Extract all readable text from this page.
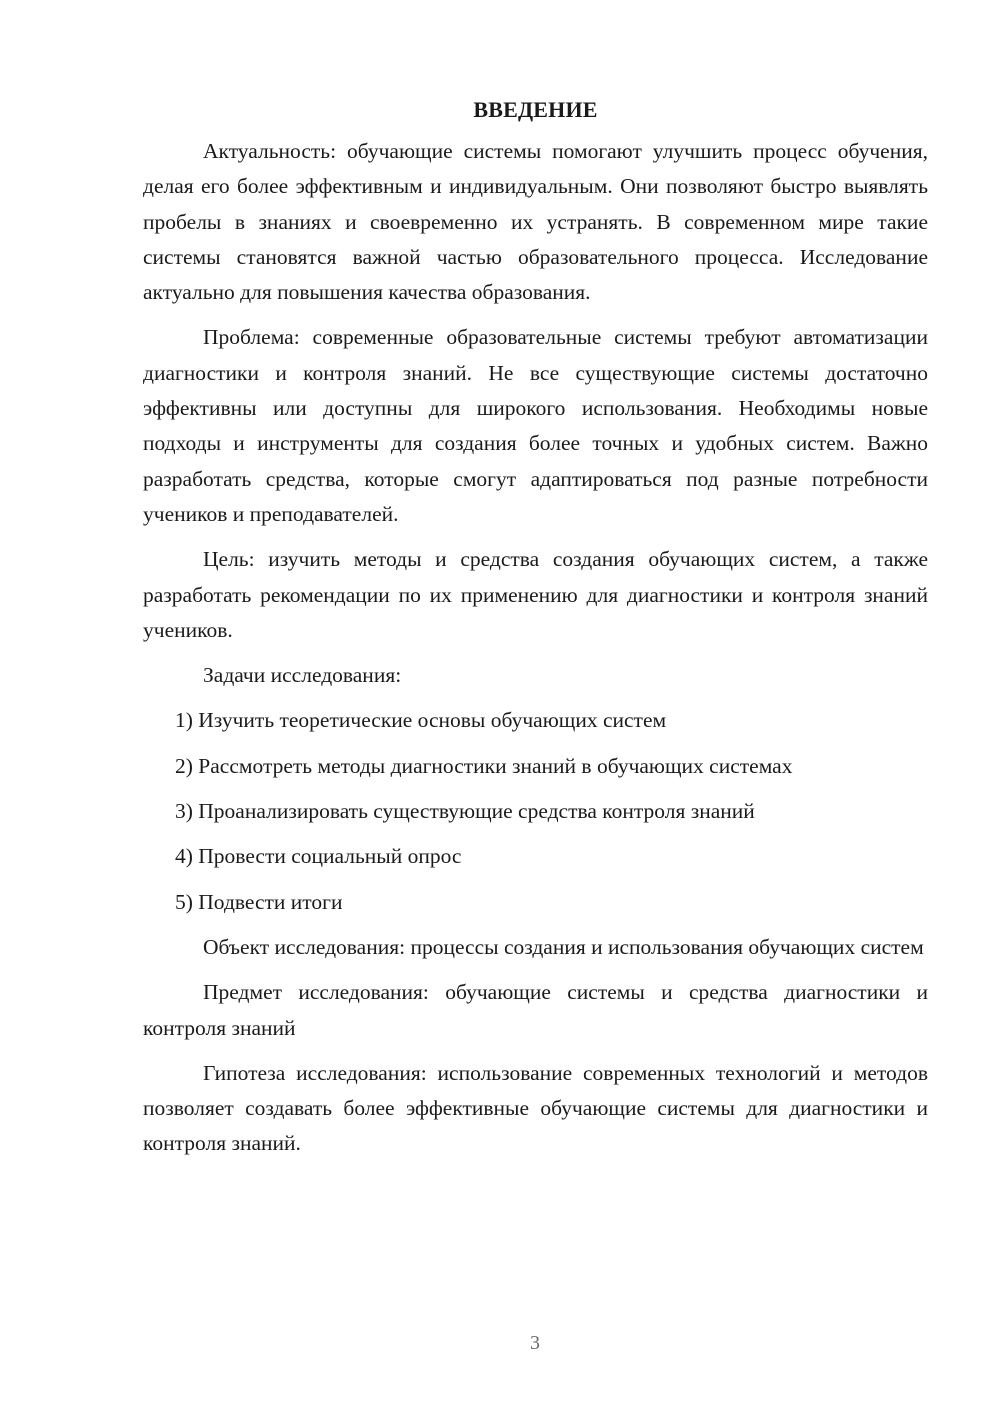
ВВЕДЕНИЕ

Актуальность: обучающие системы помогают улучшить процесс обучения, делая его более эффективным и индивидуальным. Они позволяют быстро выявлять пробелы в знаниях и своевременно их устранять. В современном мире такие системы становятся важной частью образовательного процесса. Исследование актуально для повышения качества образования.

Проблема: современные образовательные системы требуют автоматизации диагностики и контроля знаний. Не все существующие системы достаточно эффективны или доступны для широкого использования. Необходимы новые подходы и инструменты для создания более точных и удобных систем. Важно разработать средства, которые смогут адаптироваться под разные потребности учеников и преподавателей.

Цель: изучить методы и средства создания обучающих систем, а также разработать рекомендации по их применению для диагностики и контроля знаний учеников.

Задачи исследования:

1) Изучить теоретические основы обучающих систем

2) Рассмотреть методы диагностики знаний в обучающих системах

3) Проанализировать существующие средства контроля знаний

4) Провести социальный опрос

5) Подвести итоги

Объект исследования: процессы создания и использования обучающих систем

Предмет исследования: обучающие системы и средства диагностики и контроля знаний

Гипотеза исследования: использование современных технологий и методов позволяет создавать более эффективные обучающие системы для диагностики и контроля знаний.

3
